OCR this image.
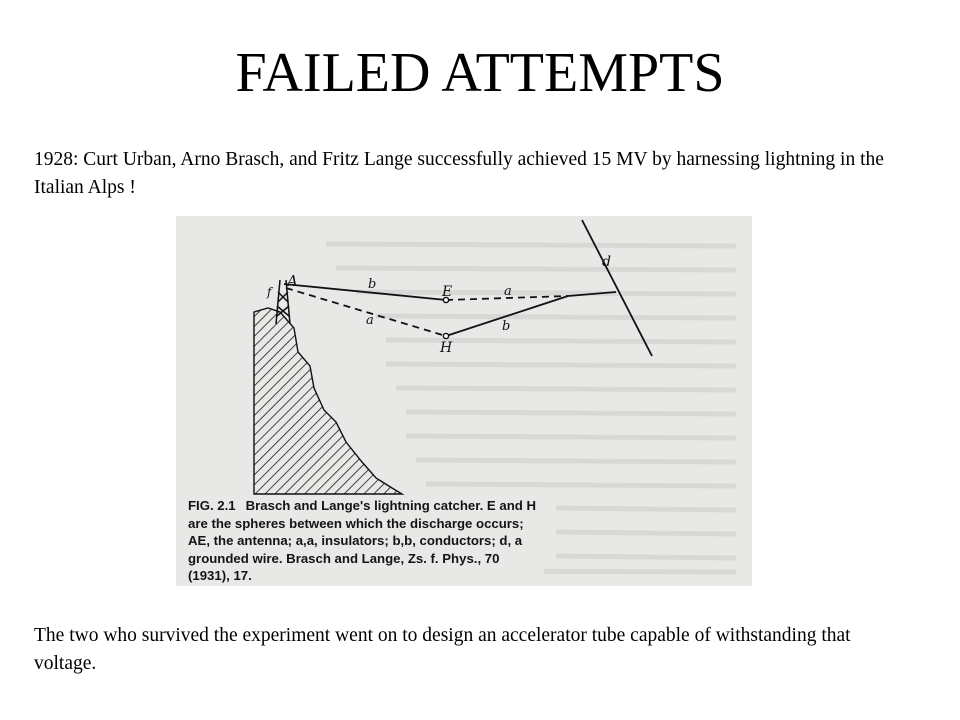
FAILED ATTEMPTS

1928: Curt Urban, Arno Brasch, and Fritz Lange successfully achieved 15 MV by harnessing lightning in the Italian Alps !

A
f	b	E	a
a
H
b
d

FIG. 2.1 Brasch and Lange's lightning catcher. E and H are the spheres between which the discharge occurs; AE, the antenna; a,a, insulators; b,b, conductors; d, a grounded wire. Brasch and Lange, Zs. f. Phys., 70 (1931), 17.

The two who survived the experiment went on to design an accelerator tube capable of withstanding that voltage.
